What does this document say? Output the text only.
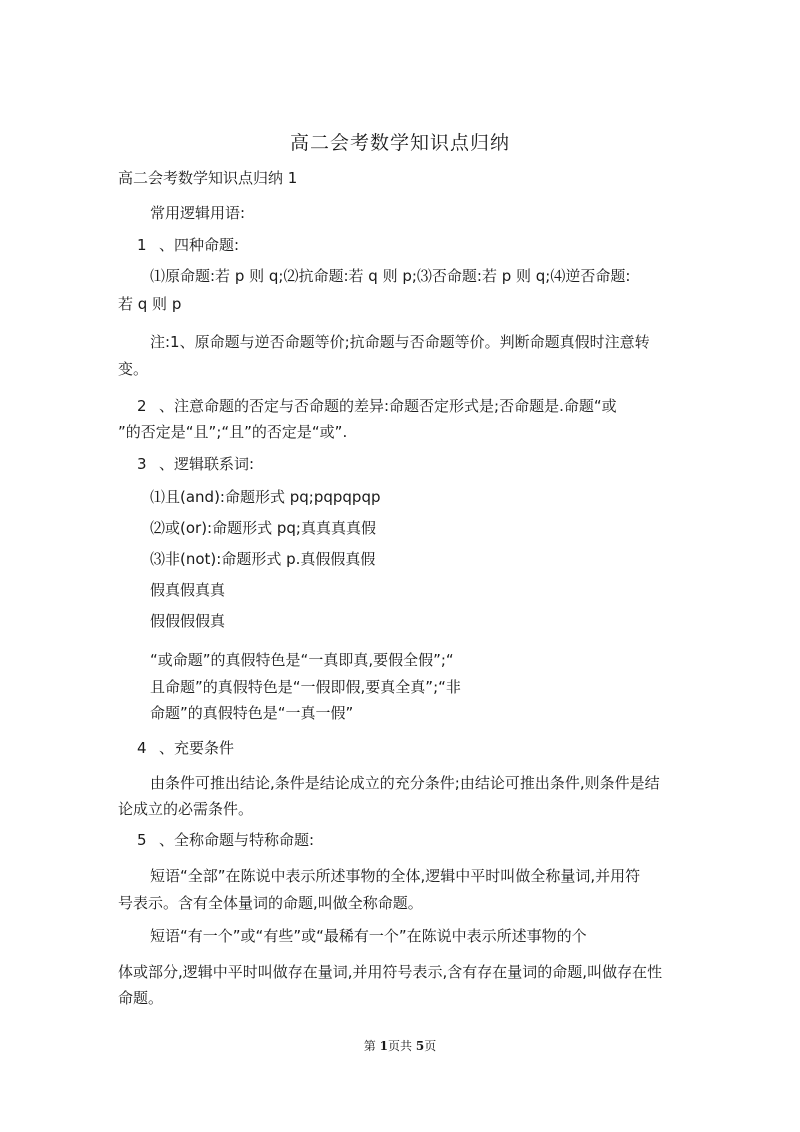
高二会考数学知识点归纳
高二会考数学知识点归纳 1
常用逻辑用语:
1 、四种命题:
⑴原命题:若 p 则 q;⑵抗命题:若 q 则 p;⑶否命题:若 p 则 q;⑷逆否命题:
若 q 则 p
注:1、原命题与逆否命题等价;抗命题与否命题等价。判断命题真假时注意转
变。
2 、注意命题的否定与否命题的差异:命题否定形式是;否命题是.命题“或
”的否定是“且”;“且”的否定是“或”.
3 、逻辑联系词:
⑴且(and):命题形式 pq;pqpqpqp
⑵或(or):命题形式 pq;真真真真假
⑶非(not):命题形式 p.真假假真假
假真假真真
假假假假真
“或命题”的真假特色是“一真即真,要假全假”;“
且命题”的真假特色是“一假即假,要真全真”;“非
命题”的真假特色是“一真一假”
4 、充要条件
由条件可推出结论,条件是结论成立的充分条件;由结论可推出条件,则条件是结
论成立的必需条件。
5 、全称命题与特称命题:
短语“全部”在陈说中表示所述事物的全体,逻辑中平时叫做全称量词,并用符
号表示。含有全体量词的命题,叫做全称命题。
短语“有一个”或“有些”或“最稀有一个”在陈说中表示所述事物的个
体或部分,逻辑中平时叫做存在量词,并用符号表示,含有存在量词的命题,叫做存在性
命题。
第 1页共 5页
